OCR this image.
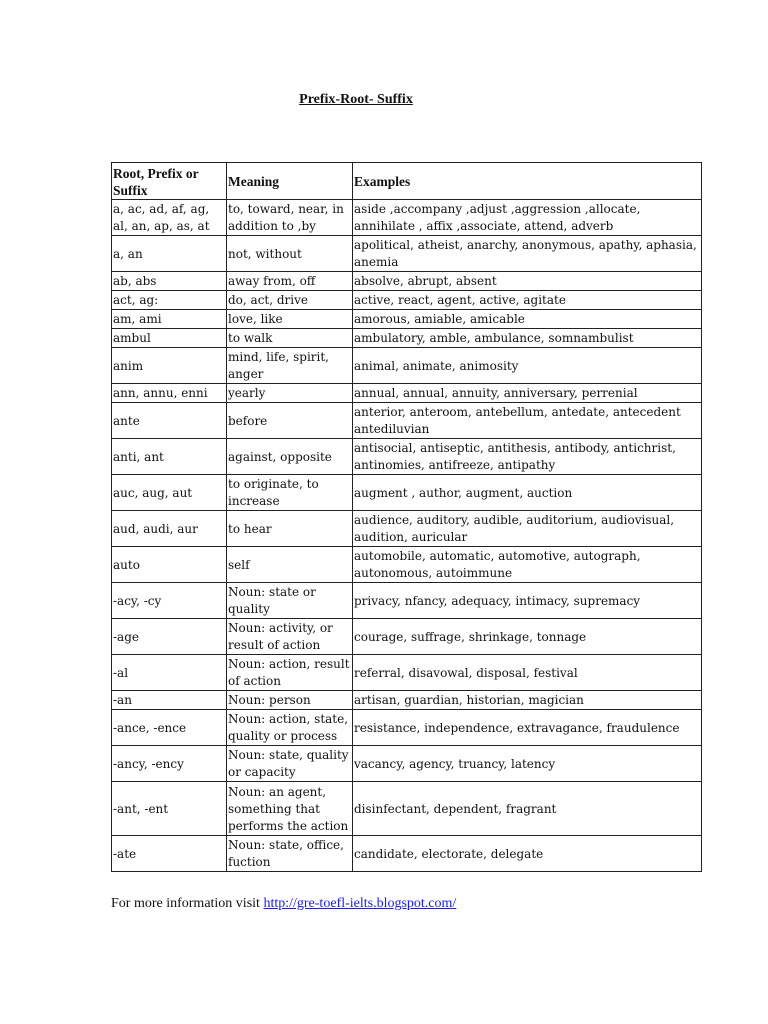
Prefix-Root- Suffix
Root, Prefix or Suffix	Meaning	Examples
a, ac, ad, af, ag, al, an, ap, as, at	to, toward, near, in addition to ,by	aside ,accompany ,adjust ,aggression ,allocate, annihilate , affix ,associate, attend, adverb
a, an	not, without	apolitical, atheist, anarchy, anonymous, apathy, aphasia, anemia
ab, abs	away from, off	absolve, abrupt, absent
act, ag:	do, act, drive	active, react, agent, active, agitate
am, ami	love, like	amorous, amiable, amicable
ambul	to walk	ambulatory, amble, ambulance, somnambulist
anim	mind, life, spirit, anger	animal, animate, animosity
ann, annu, enni	yearly	annual, annual, annuity, anniversary, perrenial
ante	before	anterior, anteroom, antebellum, antedate, antecedent antediluvian
anti, ant	against, opposite	antisocial, antiseptic, antithesis, antibody, antichrist, antinomies, antifreeze, antipathy
auc, aug, aut	to originate, to increase	augment , author, augment, auction
aud, audi, aur	to hear	audience, auditory, audible, auditorium, audiovisual, audition, auricular
auto	self	automobile, automatic, automotive, autograph, autonomous, autoimmune
-acy, -cy	Noun: state or quality	privacy, nfancy, adequacy, intimacy, supremacy
-age	Noun: activity, or result of action	courage, suffrage, shrinkage, tonnage
-al	Noun: action, result of action	referral, disavowal, disposal, festival
-an	Noun: person	artisan, guardian, historian, magician
-ance, -ence	Noun: action, state, quality or process	resistance, independence, extravagance, fraudulence
-ancy, -ency	Noun: state, quality or capacity	vacancy, agency, truancy, latency
-ant, -ent	Noun: an agent, something that performs the action	disinfectant, dependent, fragrant
-ate	Noun: state, office, fuction	candidate, electorate, delegate
For more information visit http://gre-toefl-ielts.blogspot.com/
